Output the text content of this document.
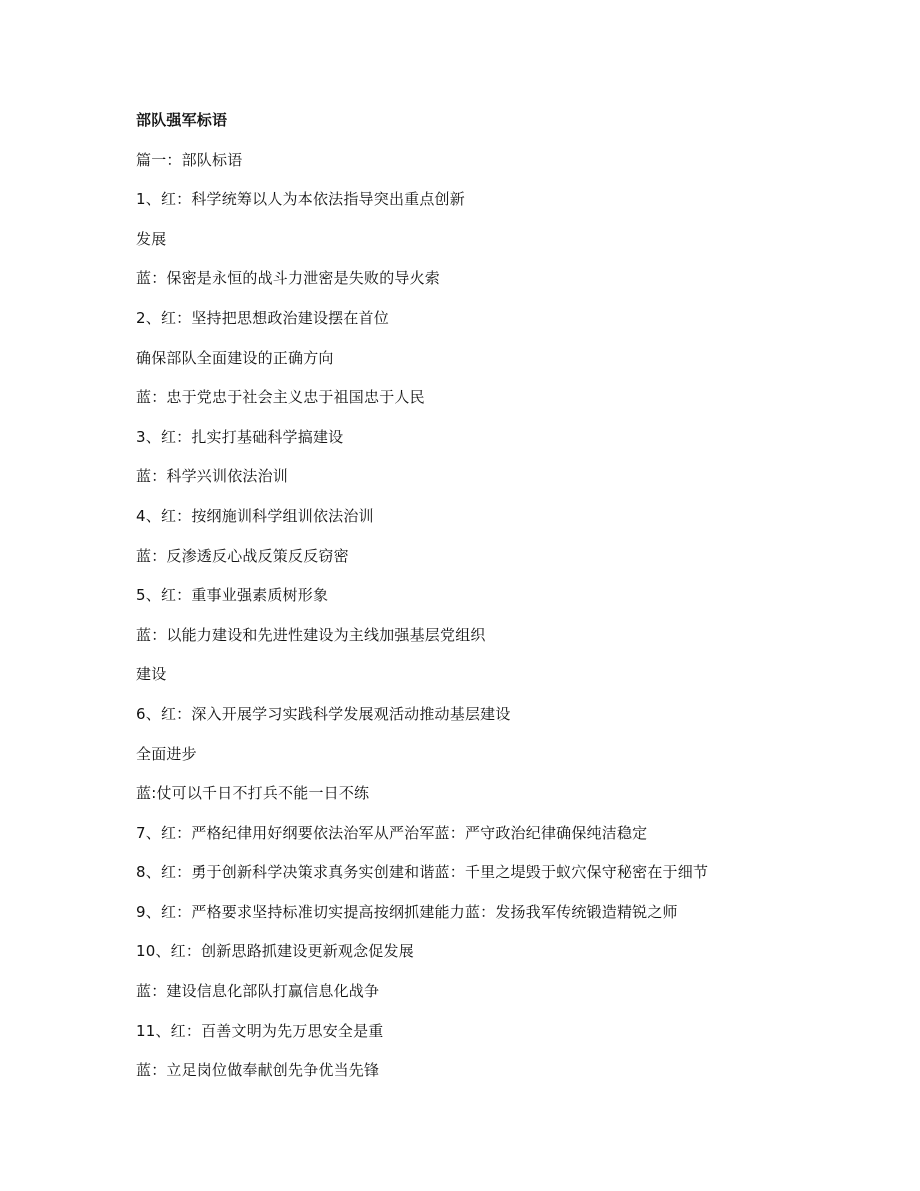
部队强军标语
篇一：部队标语
1、红：科学统筹以人为本依法指导突出重点创新
发展
蓝：保密是永恒的战斗力泄密是失败的导火索
2、红：坚持把思想政治建设摆在首位
确保部队全面建设的正确方向
蓝：忠于党忠于社会主义忠于祖国忠于人民
3、红：扎实打基础科学搞建设
蓝：科学兴训依法治训
4、红：按纲施训科学组训依法治训
蓝：反渗透反心战反策反反窃密
5、红：重事业强素质树形象
蓝：以能力建设和先进性建设为主线加强基层党组织
建设
6、红：深入开展学习实践科学发展观活动推动基层建设
全面进步
蓝:仗可以千日不打兵不能一日不练
7、红：严格纪律用好纲要依法治军从严治军蓝：严守政治纪律确保纯洁稳定
8、红：勇于创新科学决策求真务实创建和谐蓝：千里之堤毁于蚁穴保守秘密在于细节
9、红：严格要求坚持标准切实提高按纲抓建能力蓝：发扬我军传统锻造精锐之师
10、红：创新思路抓建设更新观念促发展
蓝：建设信息化部队打赢信息化战争
11、红：百善文明为先万思安全是重
蓝：立足岗位做奉献创先争优当先锋
